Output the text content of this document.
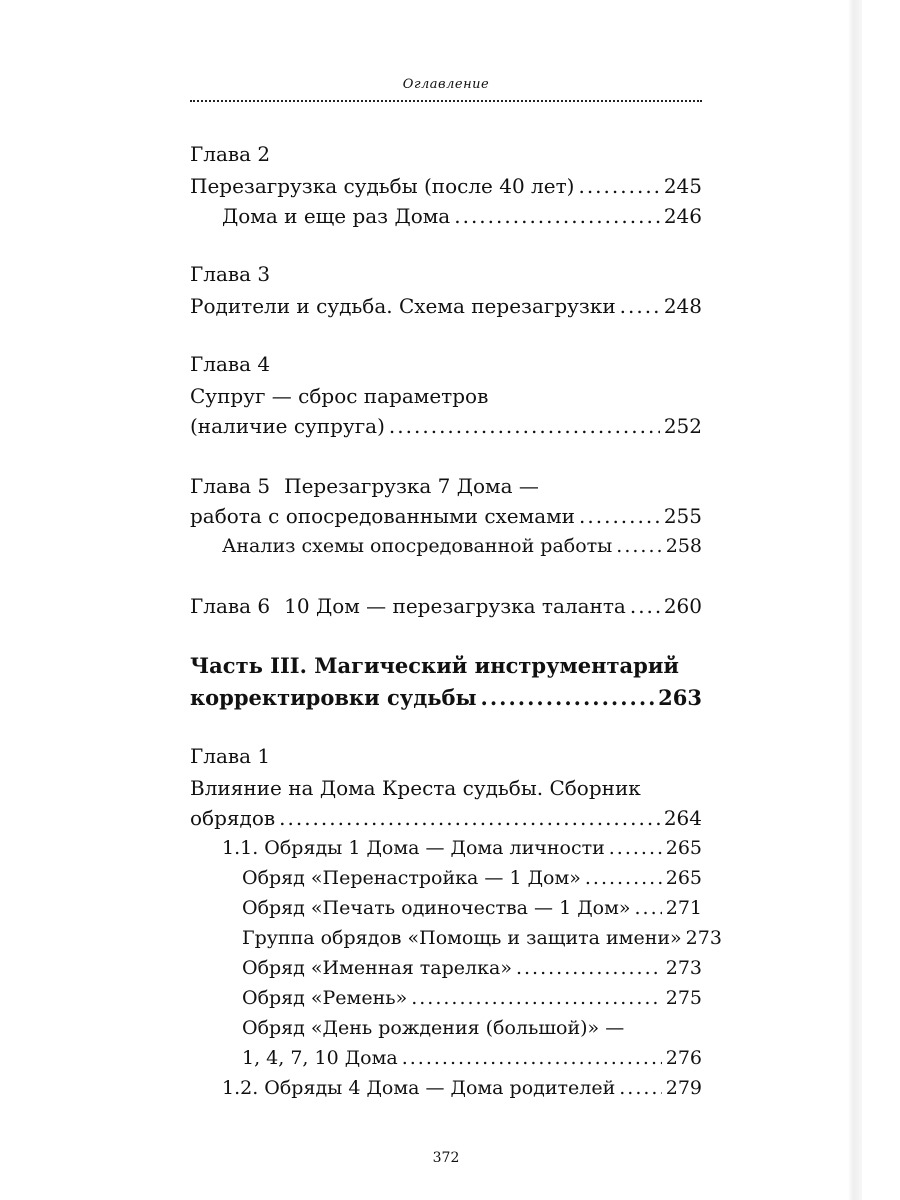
Оглавление
Глава 2
Перезагрузка судьбы (после 40 лет) .....	245
Дома и еще раз Дома .....	246
Глава 3
Родители и судьба. Схема перезагрузки ..... 248
Глава 4
Супруг — сброс параметров
(наличие супруга) .....	252
Глава 5 Перезагрузка 7 Дома —
работа с опосредованными схемами .....	255
Анализ схемы опосредованной работы .....	258
Глава 6 10 Дом — перезагрузка таланта ..... 260
Часть III. Магический инструментарий
корректировки судьбы .....	263
Глава 1
Влияние на Дома Креста судьбы. Сборник
обрядов .....	264
1.1. Обряды 1 Дома — Дома личности .....	265
Обряд «Перенастройка — 1 Дом» .....	265
Обряд «Печать одиночества — 1 Дом» ..... 271
Группа обрядов «Помощь и защита имени» 273
Обряд «Именная тарелка» .....	273
Обряд «Ремень» .....	275
Обряд «День рождения (большой)» —
1, 4, 7, 10 Дома .....	276
1.2. Обряды 4 Дома — Дома родителей .....	279
372
